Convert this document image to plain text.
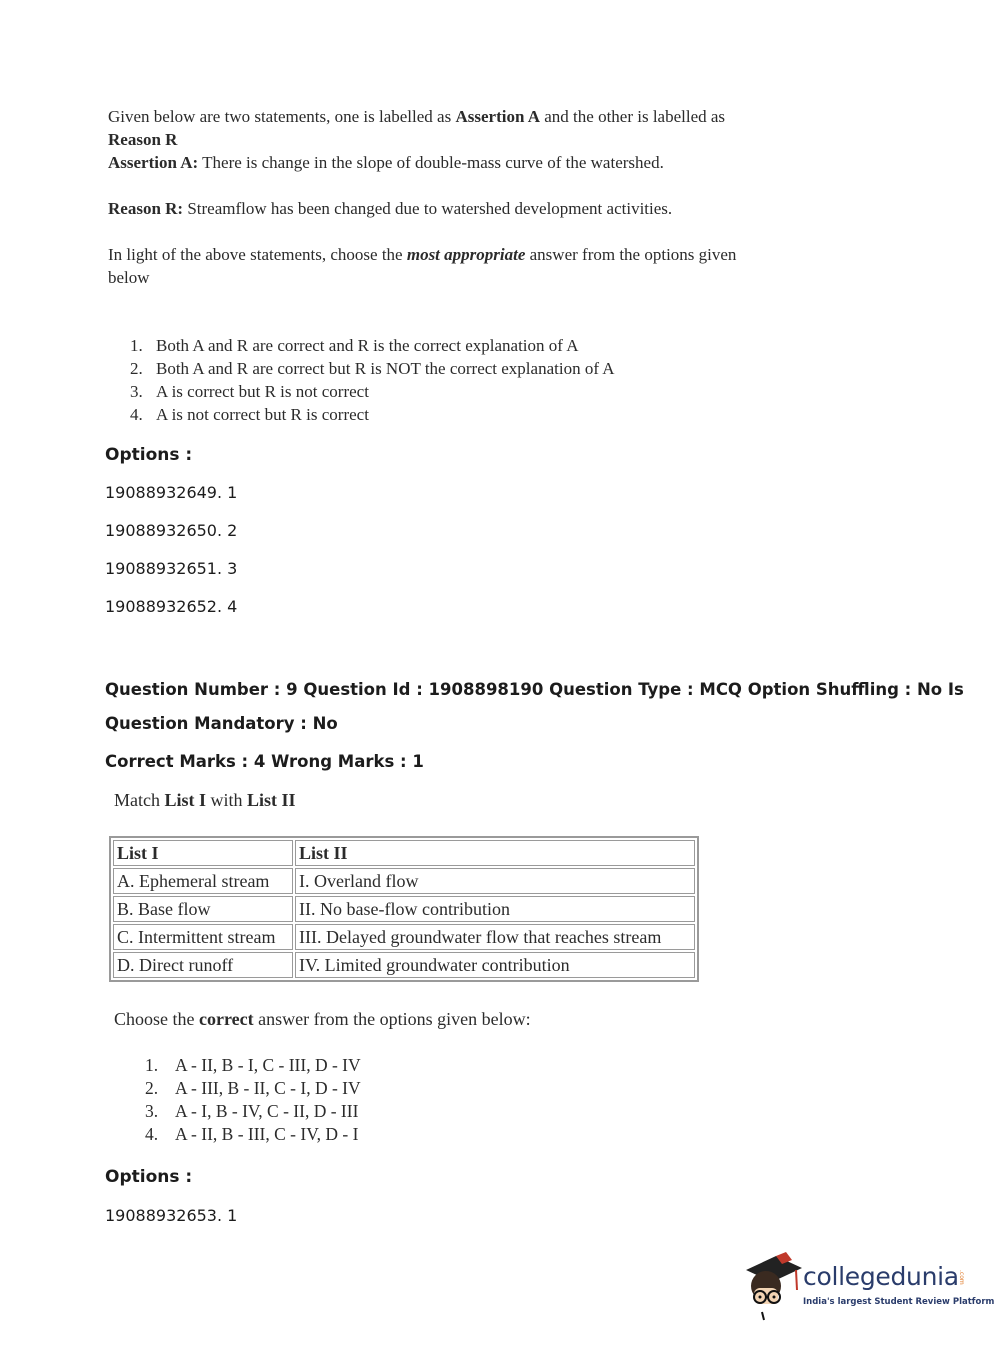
Given below are two statements, one is labelled as Assertion A and the other is labelled as
Reason R
Assertion A: There is change in the slope of double-mass curve of the watershed.
Reason R: Streamflow has been changed due to watershed development activities.
In light of the above statements, choose the most appropriate answer from the options given
below
1. Both A and R are correct and R is the correct explanation of A
2. Both A and R are correct but R is NOT the correct explanation of A
3. A is correct but R is not correct
4. A is not correct but R is correct
Options :
19088932649. 1
19088932650. 2
19088932651. 3
19088932652. 4
Question Number : 9 Question Id : 1908898190 Question Type : MCQ Option Shuffling : No Is
Question Mandatory : No
Correct Marks : 4 Wrong Marks : 1
Match List I with List II
List I	List II
A. Ephemeral stream	I. Overland flow
B. Base flow	II. No base-flow contribution
C. Intermittent stream	III. Delayed groundwater flow that reaches stream
D. Direct runoff	IV. Limited groundwater contribution
Choose the correct answer from the options given below:
1. A - II, B - I, C - III, D - IV
2. A - III, B - II, C - I, D - IV
3. A - I, B - IV, C - II, D - III
4. A - II, B - III, C - IV, D - I
Options :
19088932653. 1
collegedunia .com
India's largest Student Review Platform
